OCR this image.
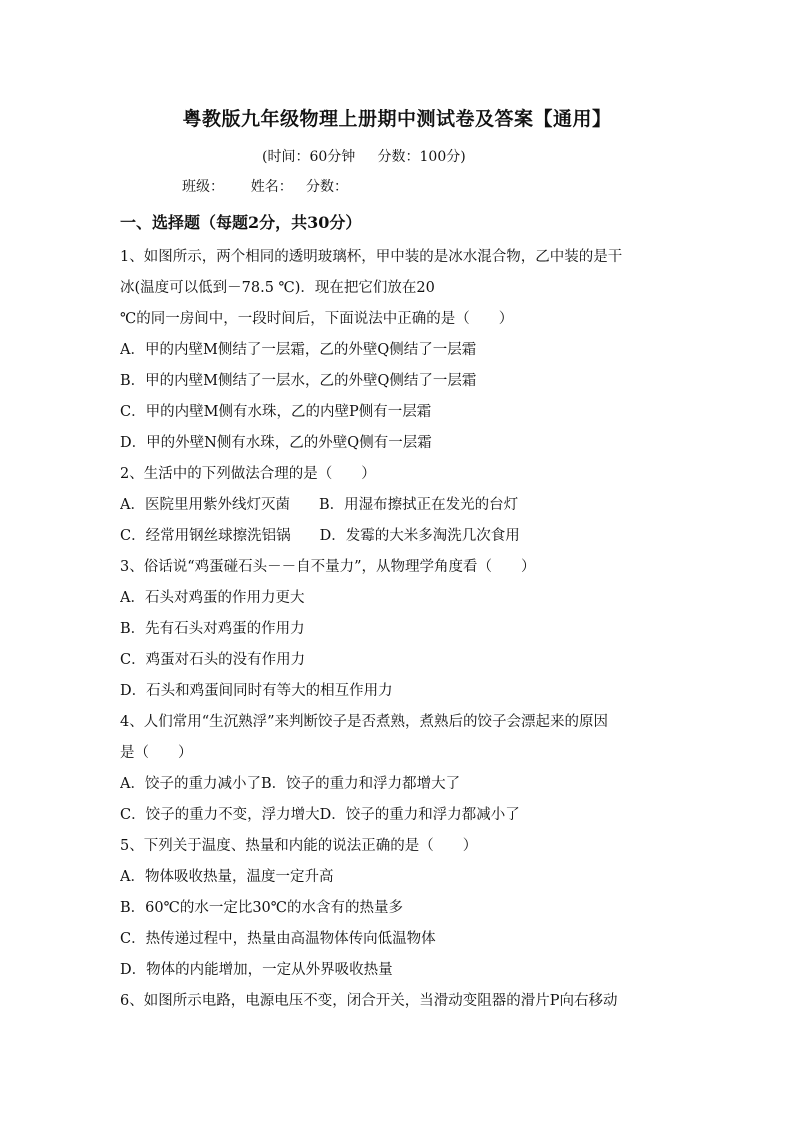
粤教版九年级物理上册期中测试卷及答案【通用】
(时间：60分钟     分数：100分)
班级：      姓名：   分数：
一、选择题（每题2分，共30分）
1、如图所示，两个相同的透明玻璃杯，甲中装的是冰水混合物，乙中装的是干
冰(温度可以低到－78.5 ℃)．现在把它们放在20
℃的同一房间中，一段时间后，下面说法中正确的是（　　）
A．甲的内壁M侧结了一层霜，乙的外壁Q侧结了一层霜
B．甲的内壁M侧结了一层水，乙的外壁Q侧结了一层霜
C．甲的内壁M侧有水珠，乙的内壁P侧有一层霜
D．甲的外壁N侧有水珠，乙的外壁Q侧有一层霜
2、生活中的下列做法合理的是（　　）
A．医院里用紫外线灯灭菌　　B．用湿布擦拭正在发光的台灯
C．经常用钢丝球擦洗铝锅　　D．发霉的大米多淘洗几次食用
3、俗话说“鸡蛋碰石头－－自不量力”，从物理学角度看（　　）
A．石头对鸡蛋的作用力更大
B．先有石头对鸡蛋的作用力
C．鸡蛋对石头的没有作用力
D．石头和鸡蛋间同时有等大的相互作用力
4、人们常用“生沉熟浮”来判断饺子是否煮熟，煮熟后的饺子会漂起来的原因
是（　　）
A．饺子的重力减小了B．饺子的重力和浮力都增大了
C．饺子的重力不变，浮力增大D．饺子的重力和浮力都减小了
5、下列关于温度、热量和内能的说法正确的是（　　）
A．物体吸收热量，温度一定升高
B．60℃的水一定比30℃的水含有的热量多
C．热传递过程中，热量由高温物体传向低温物体
D．物体的内能增加，一定从外界吸收热量
6、如图所示电路，电源电压不变，闭合开关，当滑动变阻器的滑片P向右移动
